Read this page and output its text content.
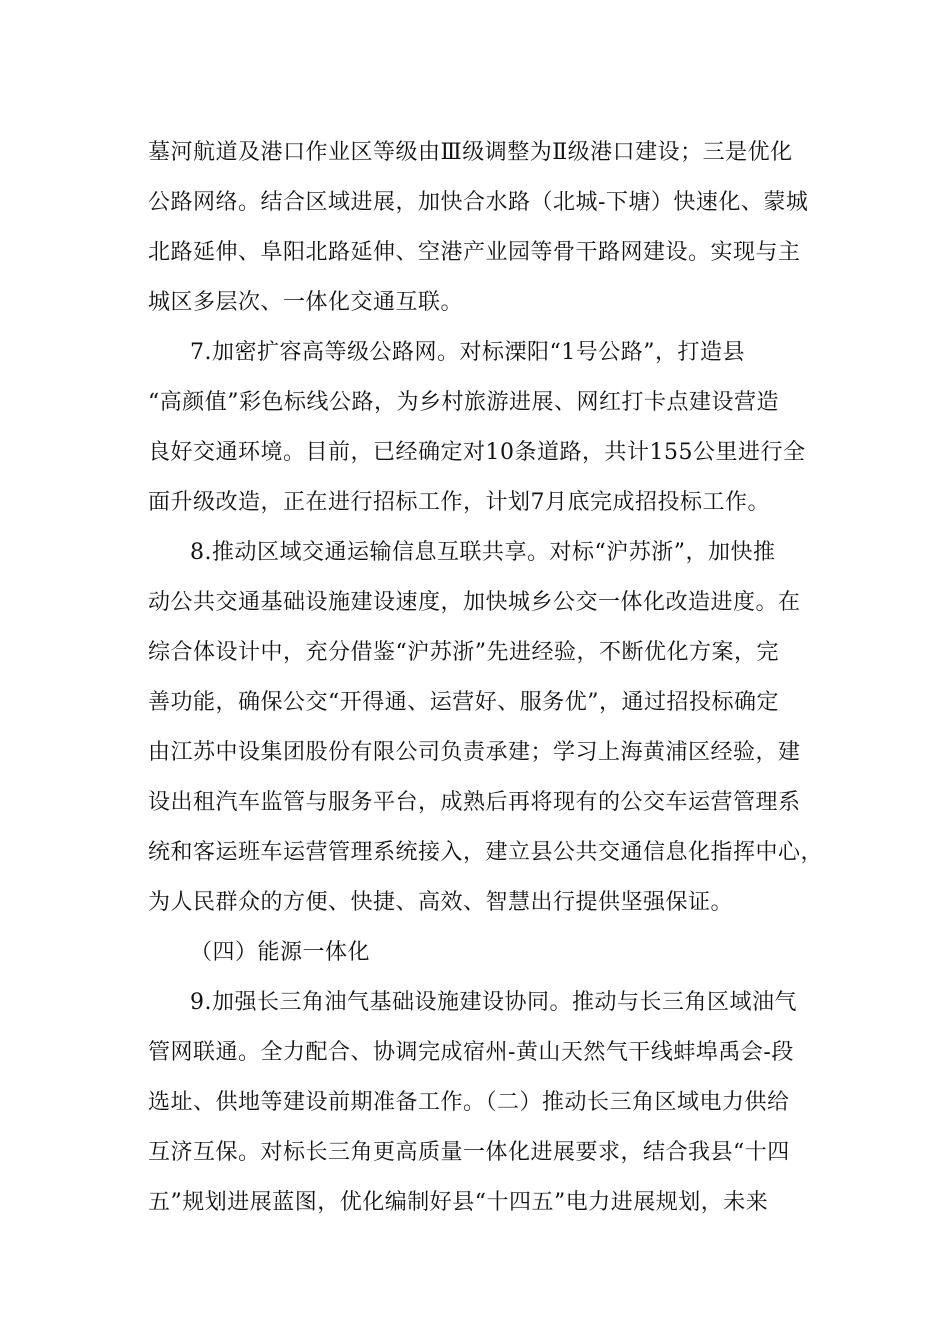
墓河航道及港口作业区等级由Ⅲ级调整为Ⅱ级港口建设；三是优化
公路网络。结合区域进展，加快合水路（北城-下塘）快速化、蒙城
北路延伸、阜阳北路延伸、空港产业园等骨干路网建设。实现与主
城区多层次、一体化交通互联。
7.加密扩容高等级公路网。对标溧阳“1号公路”，打造县
“高颜值”彩色标线公路，为乡村旅游进展、网红打卡点建设营造
良好交通环境。目前，已经确定对10条道路，共计155公里进行全
面升级改造，正在进行招标工作，计划7月底完成招投标工作。
8.推动区域交通运输信息互联共享。对标“沪苏浙”，加快推
动公共交通基础设施建设速度，加快城乡公交一体化改造进度。在
综合体设计中，充分借鉴“沪苏浙”先进经验，不断优化方案，完
善功能，确保公交“开得通、运营好、服务优”，通过招投标确定
由江苏中设集团股份有限公司负责承建；学习上海黄浦区经验，建
设出租汽车监管与服务平台，成熟后再将现有的公交车运营管理系
统和客运班车运营管理系统接入，建立县公共交通信息化指挥中心，
为人民群众的方便、快捷、高效、智慧出行提供坚强保证。
（四）能源一体化
9.加强长三角油气基础设施建设协同。推动与长三角区域油气
管网联通。全力配合、协调完成宿州-黄山天然气干线蚌埠禹会-段
选址、供地等建设前期准备工作。（二）推动长三角区域电力供给
互济互保。对标长三角更高质量一体化进展要求，结合我县“十四
五”规划进展蓝图，优化编制好县“十四五”电力进展规划，未来
